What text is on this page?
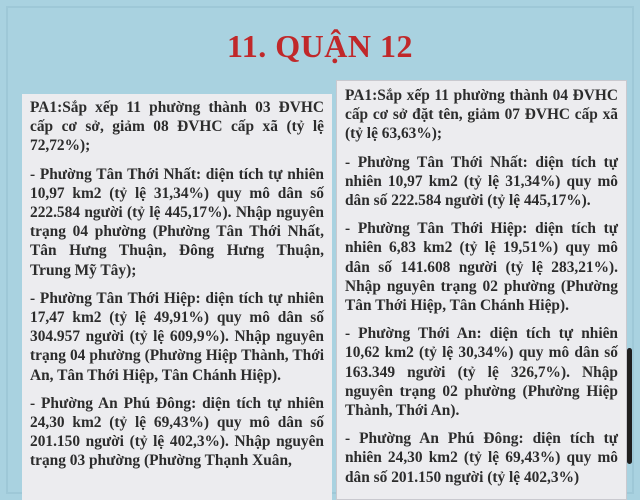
11. QUẬN 12

PA1:Sắp xếp 11 phường thành 03 ĐVHC cấp cơ sở, giảm 08 ĐVHC cấp xã (tỷ lệ 72,72%);

- Phường Tân Thới Nhất: diện tích tự nhiên 10,97 km2 (tỷ lệ 31,34%) quy mô dân số 222.584 người (tỷ lệ 445,17%). Nhập nguyên trạng 04 phường (Phường Tân Thới Nhất, Tân Hưng Thuận, Đông Hưng Thuận, Trung Mỹ Tây);

- Phường Tân Thới Hiệp: diện tích tự nhiên 17,47 km2 (tỷ lệ 49,91%) quy mô dân số 304.957 người (tỷ lệ 609,9%). Nhập nguyên trạng 04 phường (Phường Hiệp Thành, Thới An, Tân Thới Hiệp, Tân Chánh Hiệp).

- Phường An Phú Đông: diện tích tự nhiên 24,30 km2 (tỷ lệ 69,43%) quy mô dân số 201.150 người (tỷ lệ 402,3%). Nhập nguyên trạng 03 phường (Phường Thạnh Xuân,

PA1:Sắp xếp 11 phường thành 04 ĐVHC cấp cơ sở đặt tên, giảm 07 ĐVHC cấp xã (tỷ lệ 63,63%);

- Phường Tân Thới Nhất: diện tích tự nhiên 10,97 km2 (tỷ lệ 31,34%) quy mô dân số 222.584 người (tỷ lệ 445,17%).

- Phường Tân Thới Hiệp: diện tích tự nhiên 6,83 km2 (tỷ lệ 19,51%) quy mô dân số 141.608 người (tỷ lệ 283,21%). Nhập nguyên trạng 02 phường (Phường Tân Thới Hiệp, Tân Chánh Hiệp).

- Phường Thới An: diện tích tự nhiên 10,62 km2 (tỷ lệ 30,34%) quy mô dân số 163.349 người (tỷ lệ 326,7%). Nhập nguyên trạng 02 phường (Phường Hiệp Thành, Thới An).

- Phường An Phú Đông: diện tích tự nhiên 24,30 km2 (tỷ lệ 69,43%) quy mô dân số 201.150 người (tỷ lệ 402,3%)
